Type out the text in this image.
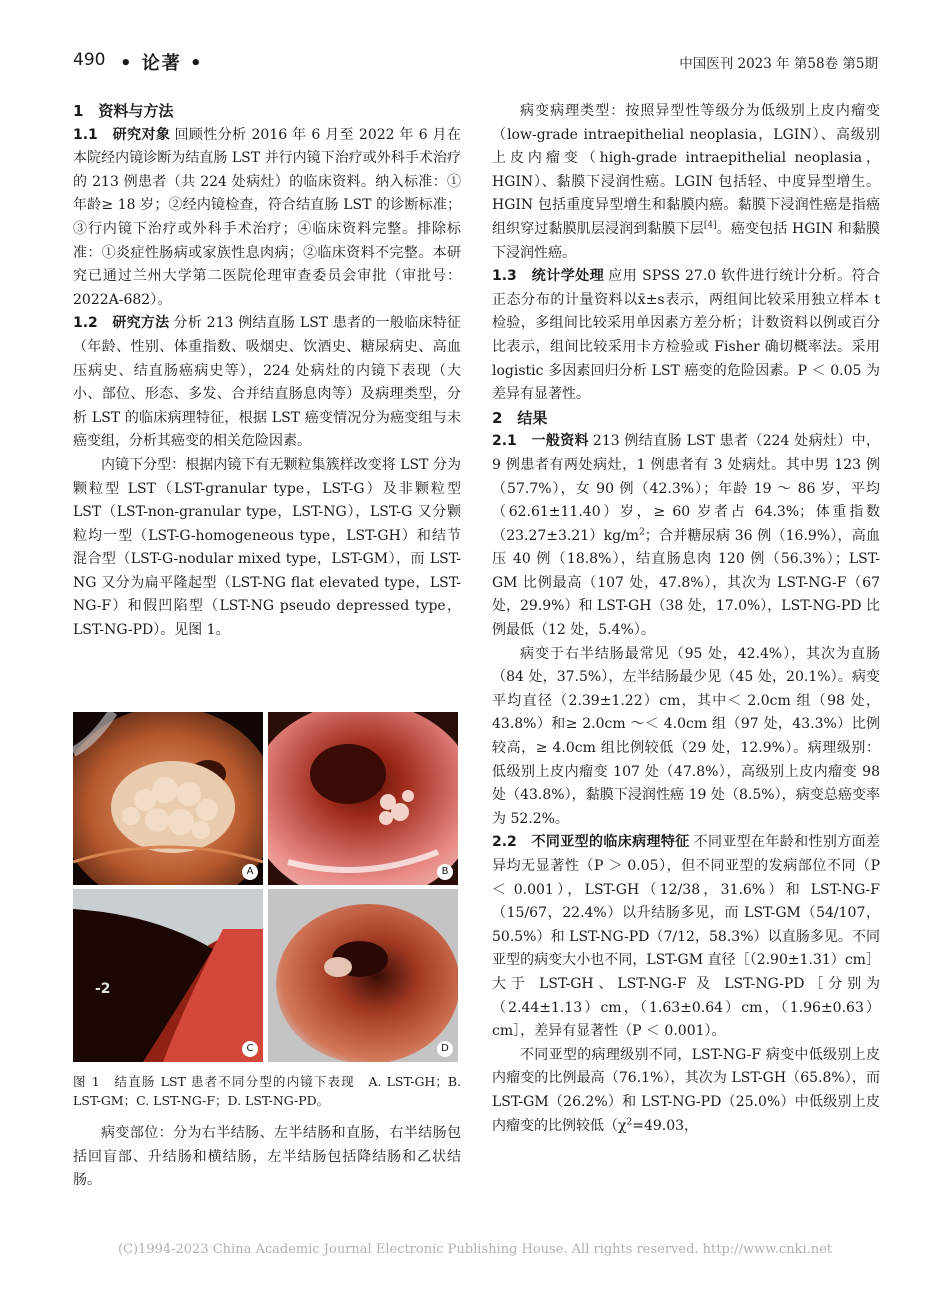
490 • 论著 •	中国医刊 2023 年 第58卷 第5期

1　资料与方法

1.1　研究对象 回顾性分析 2016 年 6 月至 2022 年 6 月在本院经内镜诊断为结直肠 LST 并行内镜下治疗或外科手术治疗的 213 例患者（共 224 处病灶）的临床资料。纳入标准：①年龄≥ 18 岁；②经内镜检查，符合结直肠 LST 的诊断标准；③行内镜下治疗或外科手术治疗；④临床资料完整。排除标准：①炎症性肠病或家族性息肉病；②临床资料不完整。本研究已通过兰州大学第二医院伦理审查委员会审批（审批号：2022A-682）。

1.2　研究方法 分析 213 例结直肠 LST 患者的一般临床特征（年龄、性别、体重指数、吸烟史、饮酒史、糖尿病史、高血压病史、结直肠癌病史等），224 处病灶的内镜下表现（大小、部位、形态、多发、合并结直肠息肉等）及病理类型，分析 LST 的临床病理特征，根据 LST 癌变情况分为癌变组与未癌变组，分析其癌变的相关危险因素。

内镜下分型：根据内镜下有无颗粒集簇样改变将 LST 分为颗粒型 LST（LST-granular type，LST-G）及非颗粒型 LST（LST-non-granular type，LST-NG），LST-G 又分颗粒均一型（LST-G-homogeneous type，LST-GH）和结节混合型（LST-G-nodular mixed type，LST-GM），而 LST-NG 又分为扁平隆起型（LST-NG flat elevated type，LST-NG-F）和假凹陷型（LST-NG pseudo depressed type，LST-NG-PD）。见图 1。

A	B
-2
C	D
图 1　结直肠 LST 患者不同分型的内镜下表现　A. LST-GH；B. LST-GM；C. LST-NG-F；D. LST-NG-PD。

病变部位：分为右半结肠、左半结肠和直肠，右半结肠包括回盲部、升结肠和横结肠，左半结肠包括降结肠和乙状结肠。

病变病理类型：按照异型性等级分为低级别上皮内瘤变（low-grade intraepithelial neoplasia，LGIN）、高级别上皮内瘤变（high-grade intraepithelial neoplasia，HGIN）、黏膜下浸润性癌。LGIN 包括轻、中度异型增生。HGIN 包括重度异型增生和黏膜内癌。黏膜下浸润性癌是指癌组织穿过黏膜肌层浸润到黏膜下层[4]。癌变包括 HGIN 和黏膜下浸润性癌。

1.3　统计学处理 应用 SPSS 27.0 软件进行统计分析。符合正态分布的计量资料以x̄±s表示，两组间比较采用独立样本 t 检验，多组间比较采用单因素方差分析；计数资料以例或百分比表示，组间比较采用卡方检验或 Fisher 确切概率法。采用 logistic 多因素回归分析 LST 癌变的危险因素。P ＜ 0.05 为差异有显著性。

2　结果

2.1　一般资料 213 例结直肠 LST 患者（224 处病灶）中，9 例患者有两处病灶，1 例患者有 3 处病灶。其中男 123 例（57.7%），女 90 例（42.3%）；年龄 19 ～ 86 岁，平均（62.61±11.40）岁，≥ 60 岁者占 64.3%；体重指数$(23.27\pm 3.21)kg/m^2$；合并糖尿病 36 例（16.9%），高血压 40 例（18.8%），结直肠息肉 120 例（56.3%）；LST-GM 比例最高（107 处，47.8%），其次为 LST-NG-F（67 处，29.9%）和 LST-GH（38 处，17.0%），LST-NG-PD 比例最低（12 处，5.4%）。

病变于右半结肠最常见（95 处，42.4%），其次为直肠（84 处，37.5%），左半结肠最少见（45 处，20.1%）。病变平均直径（2.39±1.22）cm，其中＜ 2.0cm 组（98 处，43.8%）和≥ 2.0cm ～＜ 4.0cm 组（97 处，43.3%）比例较高，≥ 4.0cm 组比例较低（29 处，12.9%）。病理级别：低级别上皮内瘤变 107 处（47.8%），高级别上皮内瘤变 98 处（43.8%），黏膜下浸润性癌 19 处（8.5%），病变总癌变率为 52.2%。

2.2　不同亚型的临床病理特征 不同亚型在年龄和性别方面差异均无显著性（P ＞ 0.05），但不同亚型的发病部位不同（P ＜ 0.001），LST-GH（12/38，31.6%）和 LST-NG-F（15/67，22.4%）以升结肠多见，而 LST-GM（54/107，50.5%）和 LST-NG-PD（7/12，58.3%）以直肠多见。不同亚型的病变大小也不同，LST-GM 直径［（2.90±1.31）cm］大于 LST-GH、LST-NG-F 及 LST-NG-PD［分别为（2.44±1.13）cm，（1.63±0.64）cm，（1.96±0.63）cm］，差异有显著性（P ＜ 0.001）。

不同亚型的病理级别不同，LST-NG-F 病变中低级别上皮内瘤变的比例最高（76.1%），其次为 LST-GH（65.8%），而 LST-GM（26.2%）和 LST-NG-PD（25.0%）中低级别上皮内瘤变的比例较低（$\chi^2=49.03$，

(C)1994-2023 China Academic Journal Electronic Publishing House. All rights reserved. http://www.cnki.net
